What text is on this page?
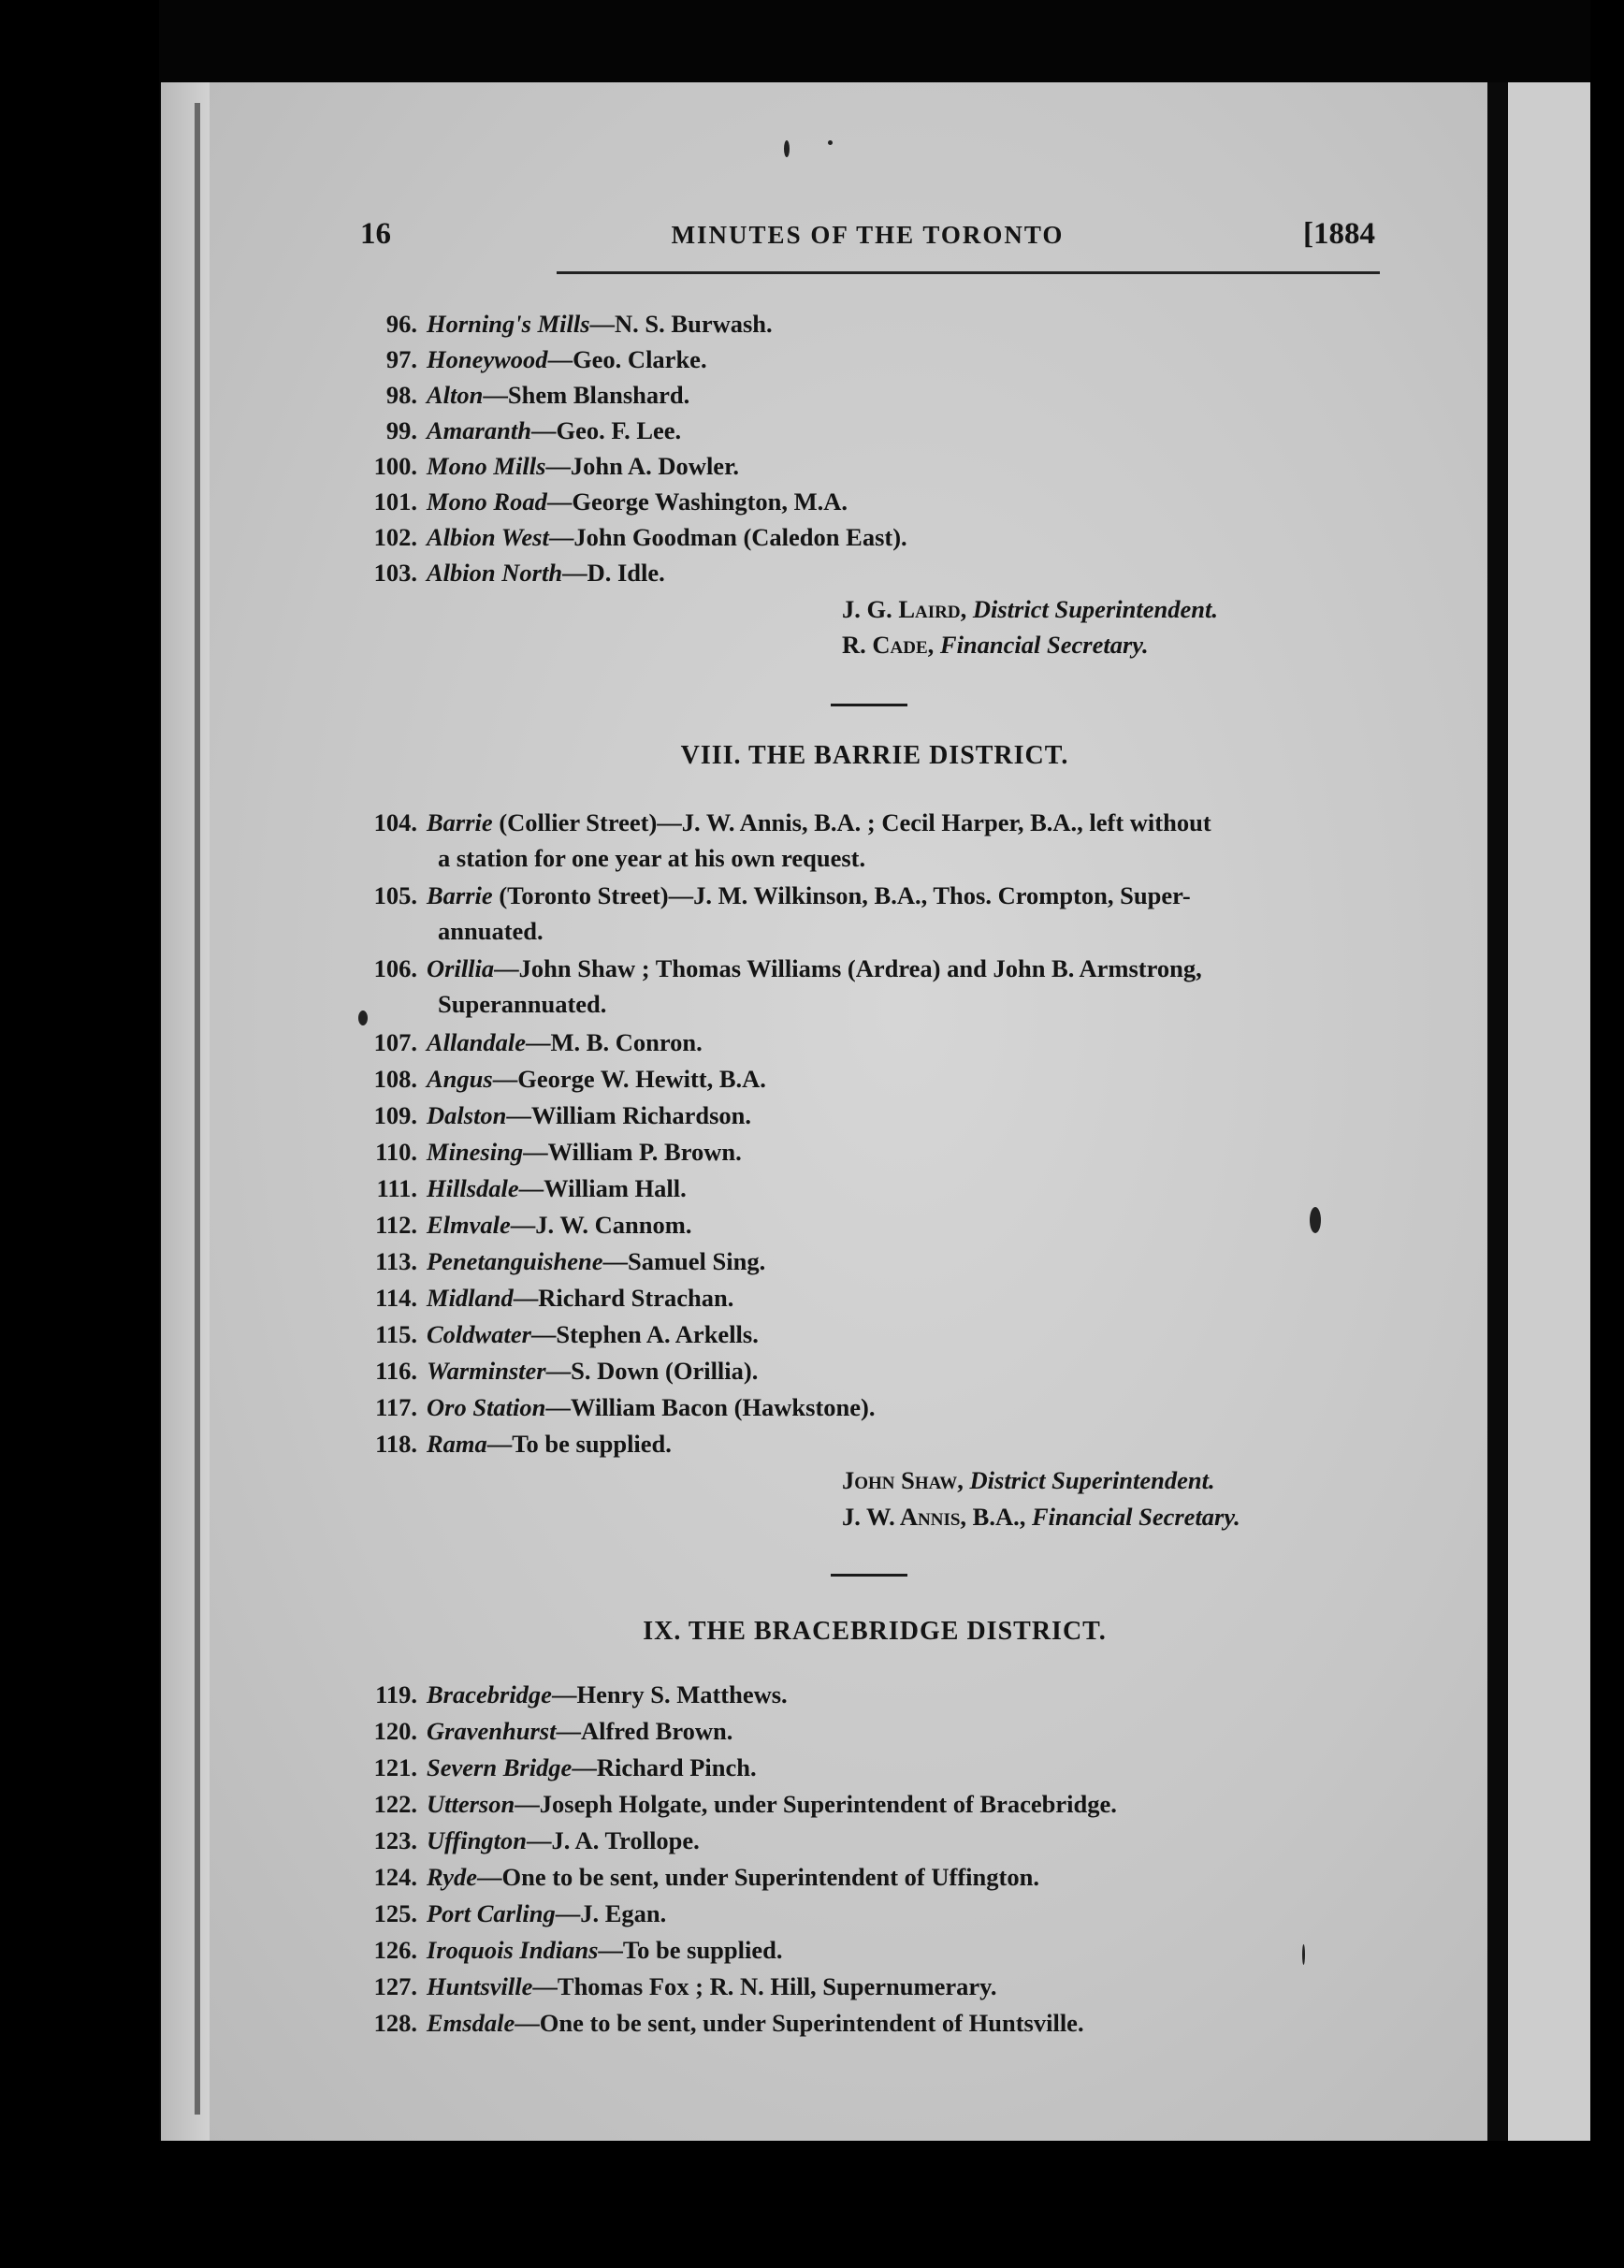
16	MINUTES OF THE TORONTO	[1884
96. Horning's Mills—N. S. Burwash.
97. Honeywood—Geo. Clarke.
98. Alton—Shem Blanshard.
99. Amaranth—Geo. F. Lee.
100. Mono Mills—John A. Dowler.
101. Mono Road—George Washington, M.A.
102. Albion West—John Goodman (Caledon East).
103. Albion North—D. Idle.
J. G. Laird, District Superintendent.
R. Cade, Financial Secretary.
VIII. THE BARRIE DISTRICT.
104. Barrie (Collier Street)—J. W. Annis, B.A. ; Cecil Harper, B.A., left without
a station for one year at his own request.
105. Barrie (Toronto Street)—J. M. Wilkinson, B.A., Thos. Crompton, Super-
annuated.
106. Orillia—John Shaw ; Thomas Williams (Ardrea) and John B. Armstrong,
Superannuated.
107. Allandale—M. B. Conron.
108. Angus—George W. Hewitt, B.A.
109. Dalston—William Richardson.
110. Minesing—William P. Brown.
111. Hillsdale—William Hall.
112. Elmvale—J. W. Cannom.
113. Penetanguishene—Samuel Sing.
114. Midland—Richard Strachan.
115. Coldwater—Stephen A. Arkells.
116. Warminster—S. Down (Orillia).
117. Oro Station—William Bacon (Hawkstone).
118. Rama—To be supplied.
John Shaw, District Superintendent.
J. W. Annis, B.A., Financial Secretary.
IX. THE BRACEBRIDGE DISTRICT.
119. Bracebridge—Henry S. Matthews.
120. Gravenhurst—Alfred Brown.
121. Severn Bridge—Richard Pinch.
122. Utterson—Joseph Holgate, under Superintendent of Bracebridge.
123. Uffington—J. A. Trollope.
124. Ryde—One to be sent, under Superintendent of Uffington.
125. Port Carling—J. Egan.
126. Iroquois Indians—To be supplied.
127. Huntsville—Thomas Fox ; R. N. Hill, Supernumerary.
128. Emsdale—One to be sent, under Superintendent of Huntsville.
